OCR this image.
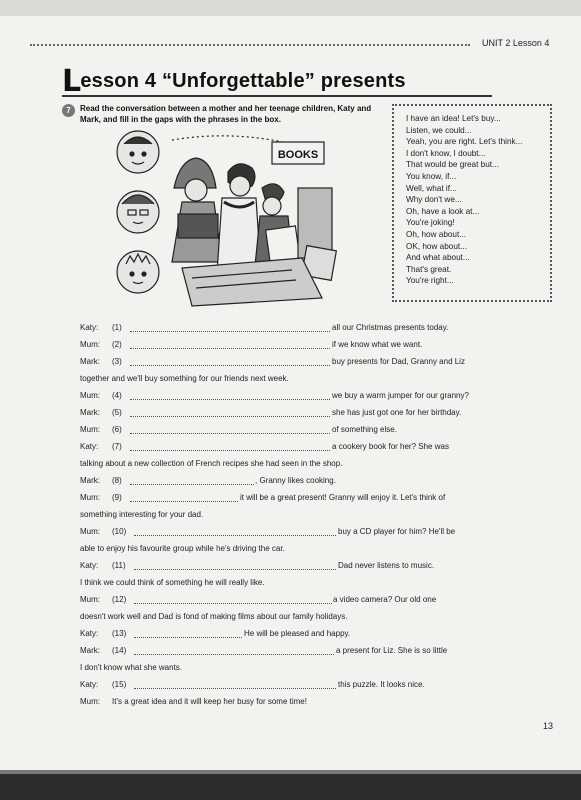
UNIT 2 Lesson 4
Lesson 4 “Unforgettable” presents
7	Read the conversation between a mother and her teenage children, Katy and Mark, and fill in the gaps with the phrases in the box.
BOOKS
I have an idea! Let's buy...
Listen, we could...
Yeah, you are right. Let's think...
I don't know, I doubt...
That would be great but...
You know, if...
Well, what if...
Why don't we...
Oh, have a look at...
You're joking!
Oh, how about...
OK, how about...
And what about...
That's great.
You're right...
Katy:	(1)	all our Christmas presents today.
Mum:	(2)	if we know what we want.
Mark:	(3)	buy presents for Dad, Granny and Liz
together and we'll buy something for our friends next week.
Mum:	(4)	we buy a warm jumper for our granny?
Mark:	(5)	she has just got one for her birthday.
Mum:	(6)	of something else.
Katy:	(7)	a cookery book for her? She was
talking about a new collection of French recipes she had seen in the shop.
Mark:	(8)	, Granny likes cooking.
Mum:	(9)	it will be a great present! Granny will enjoy it. Let's think of
something interesting for your dad.
Mum:	(10)	buy a CD player for him? He'll be
able to enjoy his favourite group while he's driving the car.
Katy:	(11)	Dad never listens to music.
I think we could think of something he will really like.
Mum:	(12)	a video camera? Our old one
doesn't work well and Dad is fond of making films about our family holidays.
Katy:	(13)	He will be pleased and happy.
Mark:	(14)	a present for Liz. She is so little
I don't know what she wants.
Katy:	(15)	this puzzle. It looks nice.
Mum:	It's a great idea and it will keep her busy for some time!
13
